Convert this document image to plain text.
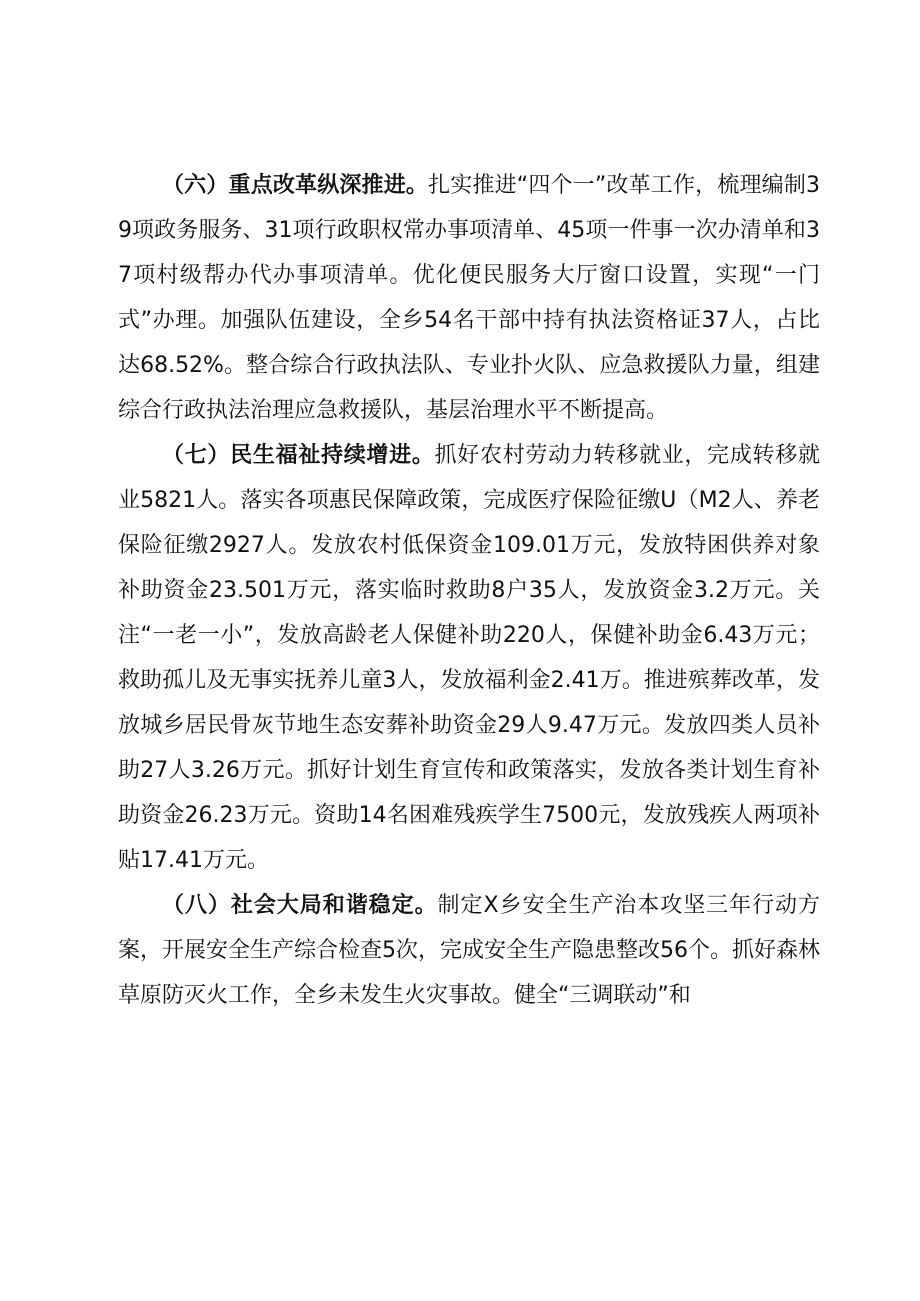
（六）重点改革纵深推进。扎实推进“四个一”改革工作，梳理编制39项政务服务、31项行政职权常办事项清单、45项一件事一次办清单和37项村级帮办代办事项清单。优化便民服务大厅窗口设置，实现“一门式”办理。加强队伍建设，全乡54名干部中持有执法资格证37人，占比达68.52%。整合综合行政执法队、专业扑火队、应急救援队力量，组建综合行政执法治理应急救援队，基层治理水平不断提高。

（七）民生福祉持续增进。抓好农村劳动力转移就业，完成转移就业5821人。落实各项惠民保障政策，完成医疗保险征缴U（M2人、养老保险征缴2927人。发放农村低保资金109.01万元，发放特困供养对象补助资金23.501万元，落实临时救助8户35人，发放资金3.2万元。关注“一老一小”，发放高龄老人保健补助220人，保健补助金6.43万元；救助孤儿及无事实抚养儿童3人，发放福利金2.41万。推进殡葬改革，发放城乡居民骨灰节地生态安葬补助资金29人9.47万元。发放四类人员补助27人3.26万元。抓好计划生育宣传和政策落实，发放各类计划生育补助资金26.23万元。资助14名困难残疾学生7500元，发放残疾人两项补贴17.41万元。

（八）社会大局和谐稳定。制定X乡安全生产治本攻坚三年行动方案，开展安全生产综合检查5次，完成安全生产隐患整改56个。抓好森林草原防灭火工作，全乡未发生火灾事故。健全“三调联动”和
